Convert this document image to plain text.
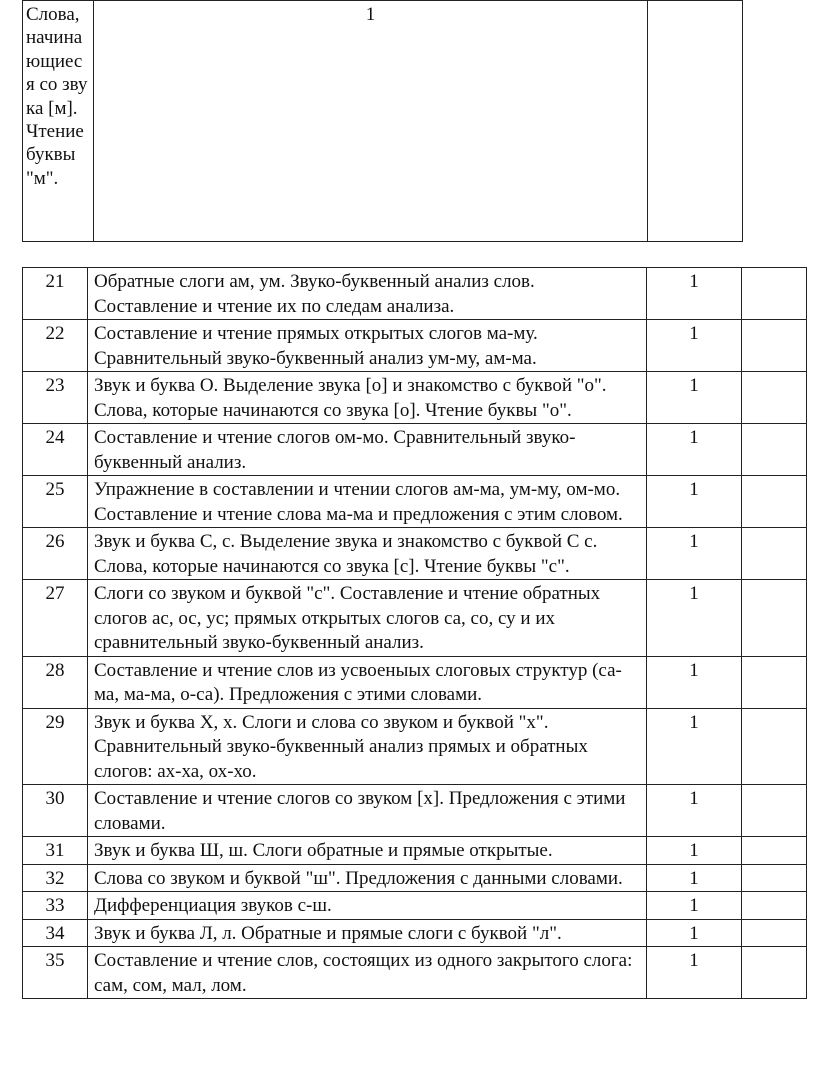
Слова, начинающиеся со звука [м]. Чтение буквы "м".	1	
21	Обратные слоги ам, ум. Звуко-буквенный анализ слов. Составление и чтение их по следам анализа.	1	
22	Составление и чтение прямых открытых слогов ма-му. Сравнительный звуко-буквенный анализ ум-му, ам-ма.	1	
23	Звук и буква О. Выделение звука [о] и знакомство с буквой "о". Слова, которые начинаются со звука [о]. Чтение буквы "о".	1	
24	Составление и чтение слогов ом-мо. Сравнительный звуко-буквенный анализ.	1	
25	Упражнение в составлении и чтении слогов ам-ма, ум-му, ом-мо. Составление и чтение слова ма-ма и предложения с этим словом.	1	
26	Звук и буква С, с. Выделение звука и знакомство с буквой С с. Слова, которые начинаются со звука [с]. Чтение буквы "с".	1	
27	Слоги со звуком и буквой "с". Составление и чтение обратных слогов ас, ос, ус; прямых открытых слогов са, со, су и их сравнительный звуко-буквенный анализ.	1	
28	Составление и чтение слов из усвоеныых слоговых структур (са-ма, ма-ма, о-са). Предложения с этими словами.	1	
29	Звук и буква Х, х. Слоги и слова со звуком и буквой "х". Сравнительный звуко-буквенный анализ прямых и обратных слогов: ах-ха, ох-хо.	1	
30	Составление и чтение слогов со звуком [х]. Предложения с этими словами.	1	
31	Звук и буква Ш, ш. Слоги обратные и прямые открытые.	1	
32	Слова со звуком и буквой "ш". Предложения с данными словами.	1	
33	Дифференциация звуков с-ш.	1	
34	Звук и буква Л, л. Обратные и прямые слоги с буквой "л".	1	
35	Составление и чтение слов, состоящих из одного закрытого слога: сам, сом, мал, лом.	1	
